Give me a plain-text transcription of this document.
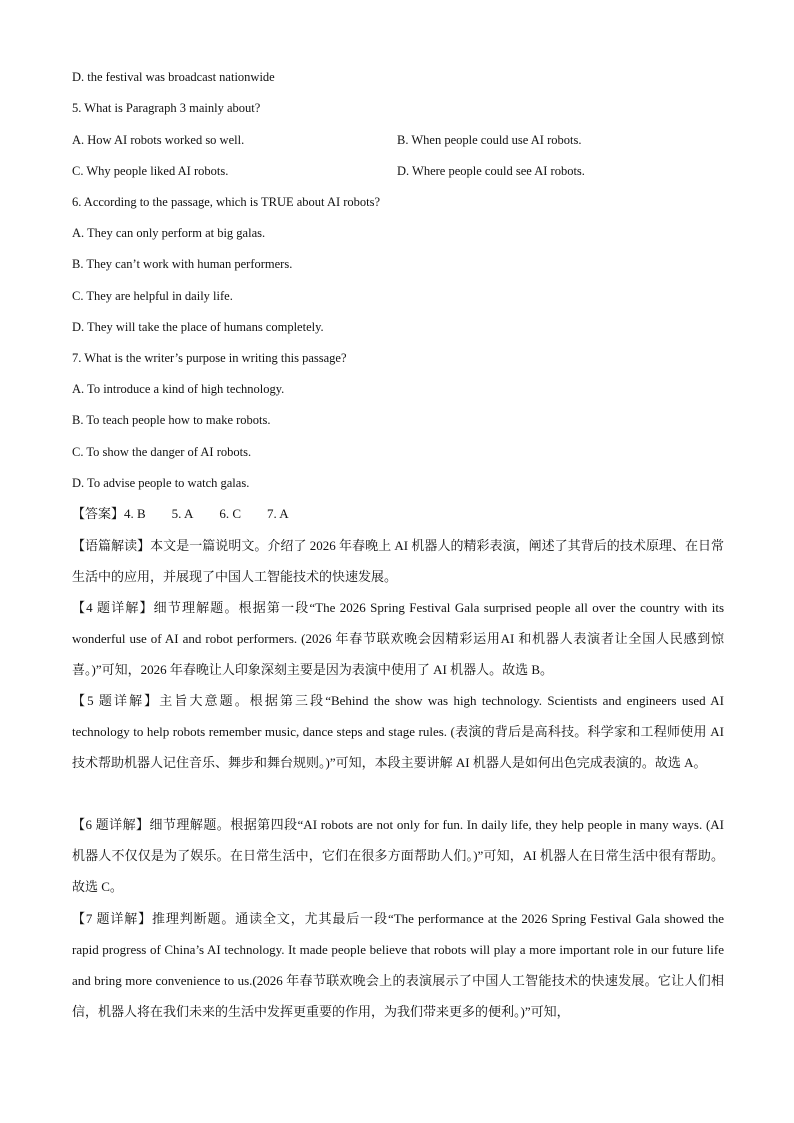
D. the festival was broadcast nationwide
5. What is Paragraph 3 mainly about?
A. How AI robots worked so well.	B. When people could use AI robots.
C. Why people liked AI robots.	D. Where people could see AI robots.
6. According to the passage, which is TRUE about AI robots?
A. They can only perform at big galas.
B. They can’t work with human performers.
C. They are helpful in daily life.
D. They will take the place of humans completely.
7. What is the writer’s purpose in writing this passage?
A. To introduce a kind of high technology.
B. To teach people how to make robots.
C. To show the danger of AI robots.
D. To advise people to watch galas.
【答案】4. B 5. A 6. C 7. A
【语篇解读】本文是一篇说明文。介绍了 2026 年春晚上 AI 机器人的精彩表演，阐述了其背后的技术原理、在日常生活中的应用，并展现了中国人工智能技术的快速发展。
【4 题详解】细节理解题。根据第一段“The 2026 Spring Festival Gala surprised people all over the country with its wonderful use of AI and robot performers. (2026 年春节联欢晚会因精彩运用AI 和机器人表演者让全国人民感到惊喜。)”可知，2026 年春晚让人印象深刻主要是因为表演中使用了 AI 机器人。故选 B。
【5 题详解】主旨大意题。根据第三段“Behind the show was high technology. Scientists and engineers used AI technology to help robots remember music, dance steps and stage rules. (表演的背后是高科技。科学家和工程师使用 AI 技术帮助机器人记住音乐、舞步和舞台规则。)”可知，本段主要讲解 AI 机器人是如何出色完成表演的。故选 A。
【6 题详解】细节理解题。根据第四段“AI robots are not only for fun. In daily life, they help people in many ways. (AI 机器人不仅仅是为了娱乐。在日常生活中，它们在很多方面帮助人们。)”可知，AI 机器人在日常生活中很有帮助。故选 C。
【7 题详解】推理判断题。通读全文，尤其最后一段“The performance at the 2026 Spring Festival Gala showed the rapid progress of China’s AI technology. It made people believe that robots will play a more important role in our future life and bring more convenience to us.(2026 年春节联欢晚会上的表演展示了中国人工智能技术的快速发展。它让人们相信，机器人将在我们未来的生活中发挥更重要的作用，为我们带来更多的便利。)”可知，
